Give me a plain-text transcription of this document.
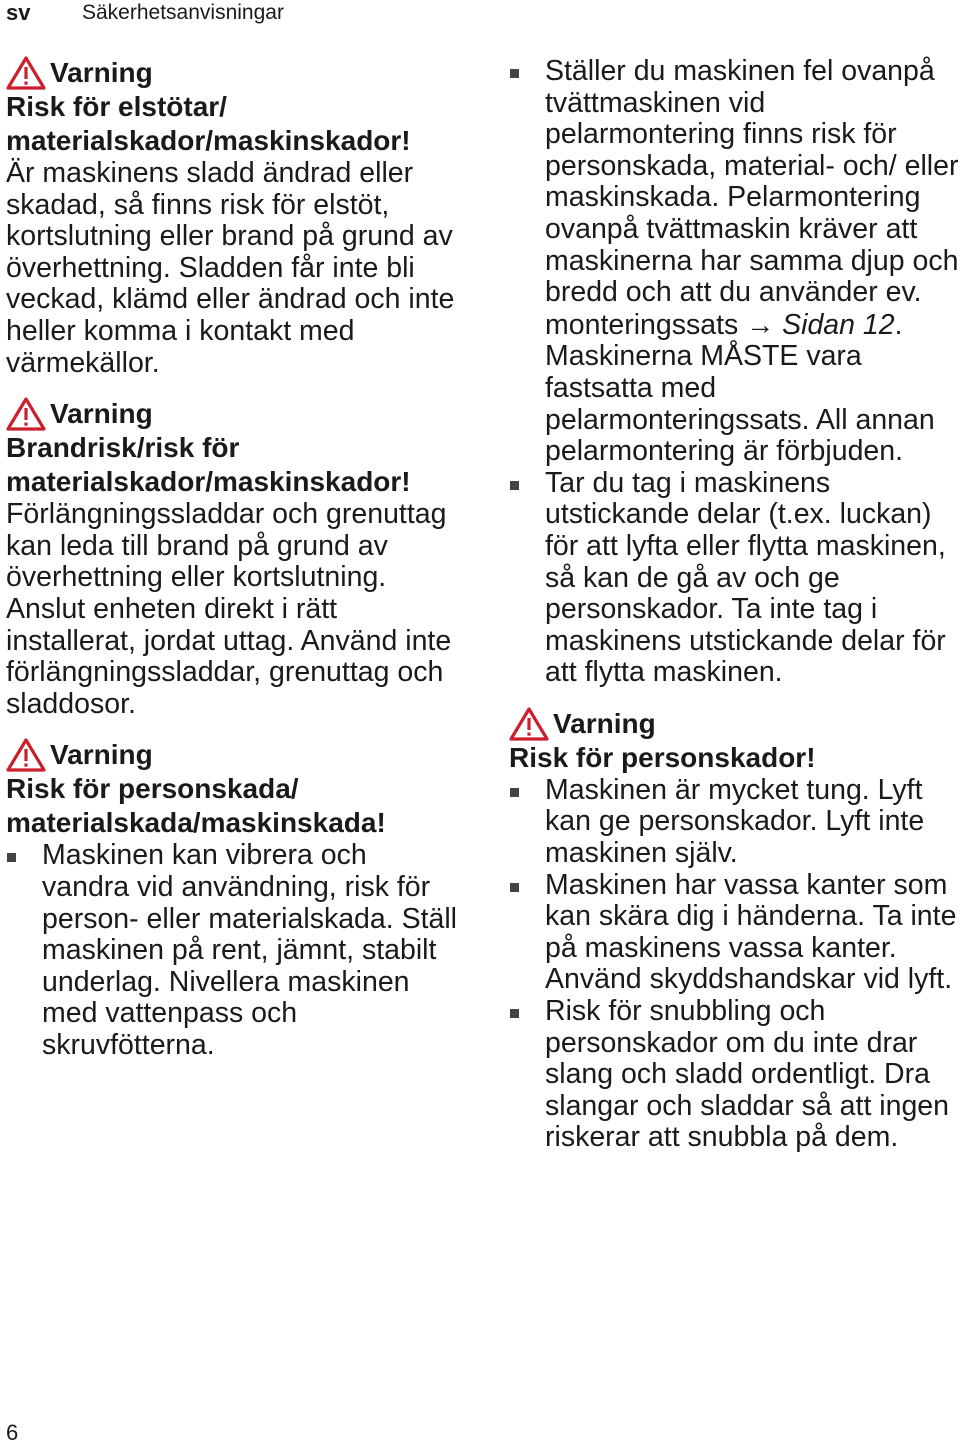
sv	Säkerhetsanvisningar
Varning

Risk för elstötar/ materialskador/maskinskador!

Är maskinens sladd ändrad eller skadad, så finns risk för elstöt, kortslutning eller brand på grund av överhettning. Sladden får inte bli veckad, klämd eller ändrad och inte heller komma i kontakt med värmekällor.

Varning

Brandrisk/risk för materialskador/maskinskador!

Förlängningssladdar och grenuttag kan leda till brand på grund av överhettning eller kortslutning. Anslut enheten direkt i rätt installerat, jordat uttag. Använd inte förlängningssladdar, grenuttag och sladdosor.

Varning

Risk för personskada/ materialskada/maskinskada!

Maskinen kan vibrera och vandra vid användning, risk för person- eller materialskada. Ställ maskinen på rent, jämnt, stabilt underlag. Nivellera maskinen med vattenpass och skruvfötterna.
Ställer du maskinen fel ovanpå tvättmaskinen vid pelarmontering finns risk för personskada, material- och/ eller maskinskada. Pelarmontering ovanpå tvättmaskin kräver att maskinerna har samma djup och bredd och att du använder ev. monteringssats → Sidan 12. Maskinerna MÅSTE vara fastsatta med pelarmonteringssats. All annan pelarmontering är förbjuden.
Tar du tag i maskinens utstickande delar (t.ex. luckan) för att lyfta eller flytta maskinen, så kan de gå av och ge personskador. Ta inte tag i maskinens utstickande delar för att flytta maskinen.
Varning

Risk för personskador!

Maskinen är mycket tung. Lyft kan ge personskador. Lyft inte maskinen själv.
Maskinen har vassa kanter som kan skära dig i händerna. Ta inte på maskinens vassa kanter. Använd skyddshandskar vid lyft.
Risk för snubbling och personskador om du inte drar slang och sladd ordentligt. Dra slangar och sladdar så att ingen riskerar att snubbla på dem.
6
